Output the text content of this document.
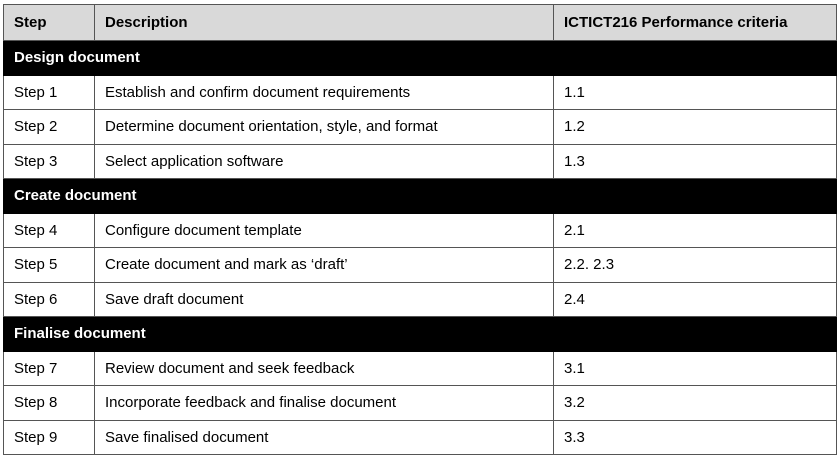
Step	Description	ICTICT216 Performance criteria
Design document		
Step 1	Establish and confirm document requirements	1.1
Step 2	Determine document orientation, style, and format	1.2
Step 3	Select application software	1.3
Create document		
Step 4	Configure document template	2.1
Step 5	Create document and mark as ‘draft’	2.2. 2.3
Step 6	Save draft document	2.4
Finalise document		
Step 7	Review document and seek feedback	3.1
Step 8	Incorporate feedback and finalise document	3.2
Step 9	Save finalised document	3.3
